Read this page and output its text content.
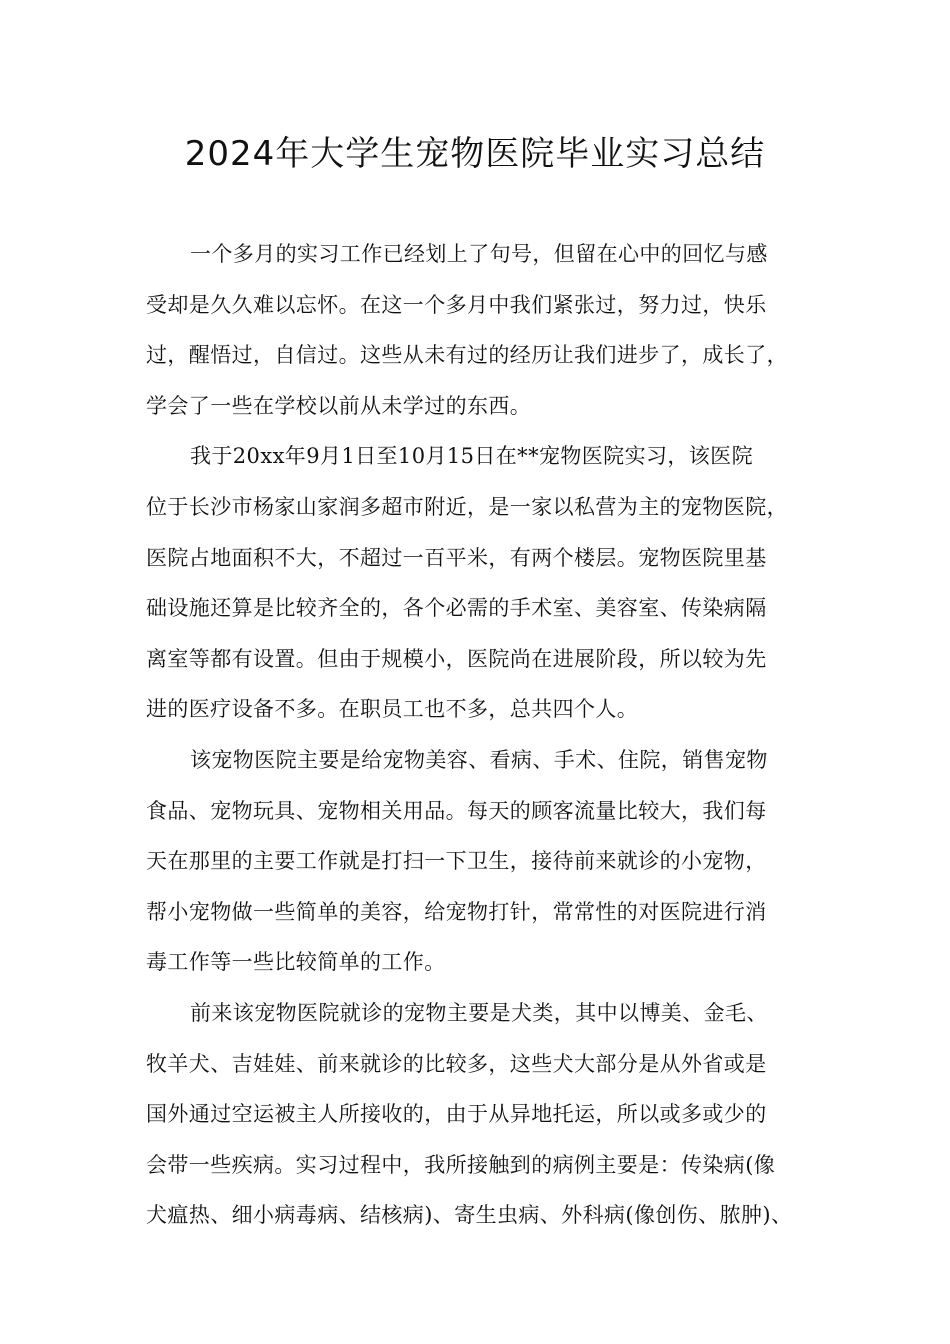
2024年大学生宠物医院毕业实习总结
一个多月的实习工作已经划上了句号，但留在心中的回忆与感
受却是久久难以忘怀。在这一个多月中我们紧张过，努力过，快乐
过，醒悟过，自信过。这些从未有过的经历让我们进步了，成长了，
学会了一些在学校以前从未学过的东西。
我于20xx年9月1日至10月15日在**宠物医院实习，该医院
位于长沙市杨家山家润多超市附近，是一家以私营为主的宠物医院，
医院占地面积不大，不超过一百平米，有两个楼层。宠物医院里基
础设施还算是比较齐全的，各个必需的手术室、美容室、传染病隔
离室等都有设置。但由于规模小，医院尚在进展阶段，所以较为先
进的医疗设备不多。在职员工也不多，总共四个人。
该宠物医院主要是给宠物美容、看病、手术、住院，销售宠物
食品、宠物玩具、宠物相关用品。每天的顾客流量比较大，我们每
天在那里的主要工作就是打扫一下卫生，接待前来就诊的小宠物，
帮小宠物做一些简单的美容，给宠物打针，常常性的对医院进行消
毒工作等一些比较简单的工作。
前来该宠物医院就诊的宠物主要是犬类，其中以博美、金毛、
牧羊犬、吉娃娃、前来就诊的比较多，这些犬大部分是从外省或是
国外通过空运被主人所接收的，由于从异地托运，所以或多或少的
会带一些疾病。实习过程中，我所接触到的病例主要是：传染病(像
犬瘟热、细小病毒病、结核病)、寄生虫病、外科病(像创伤、脓肿)、
